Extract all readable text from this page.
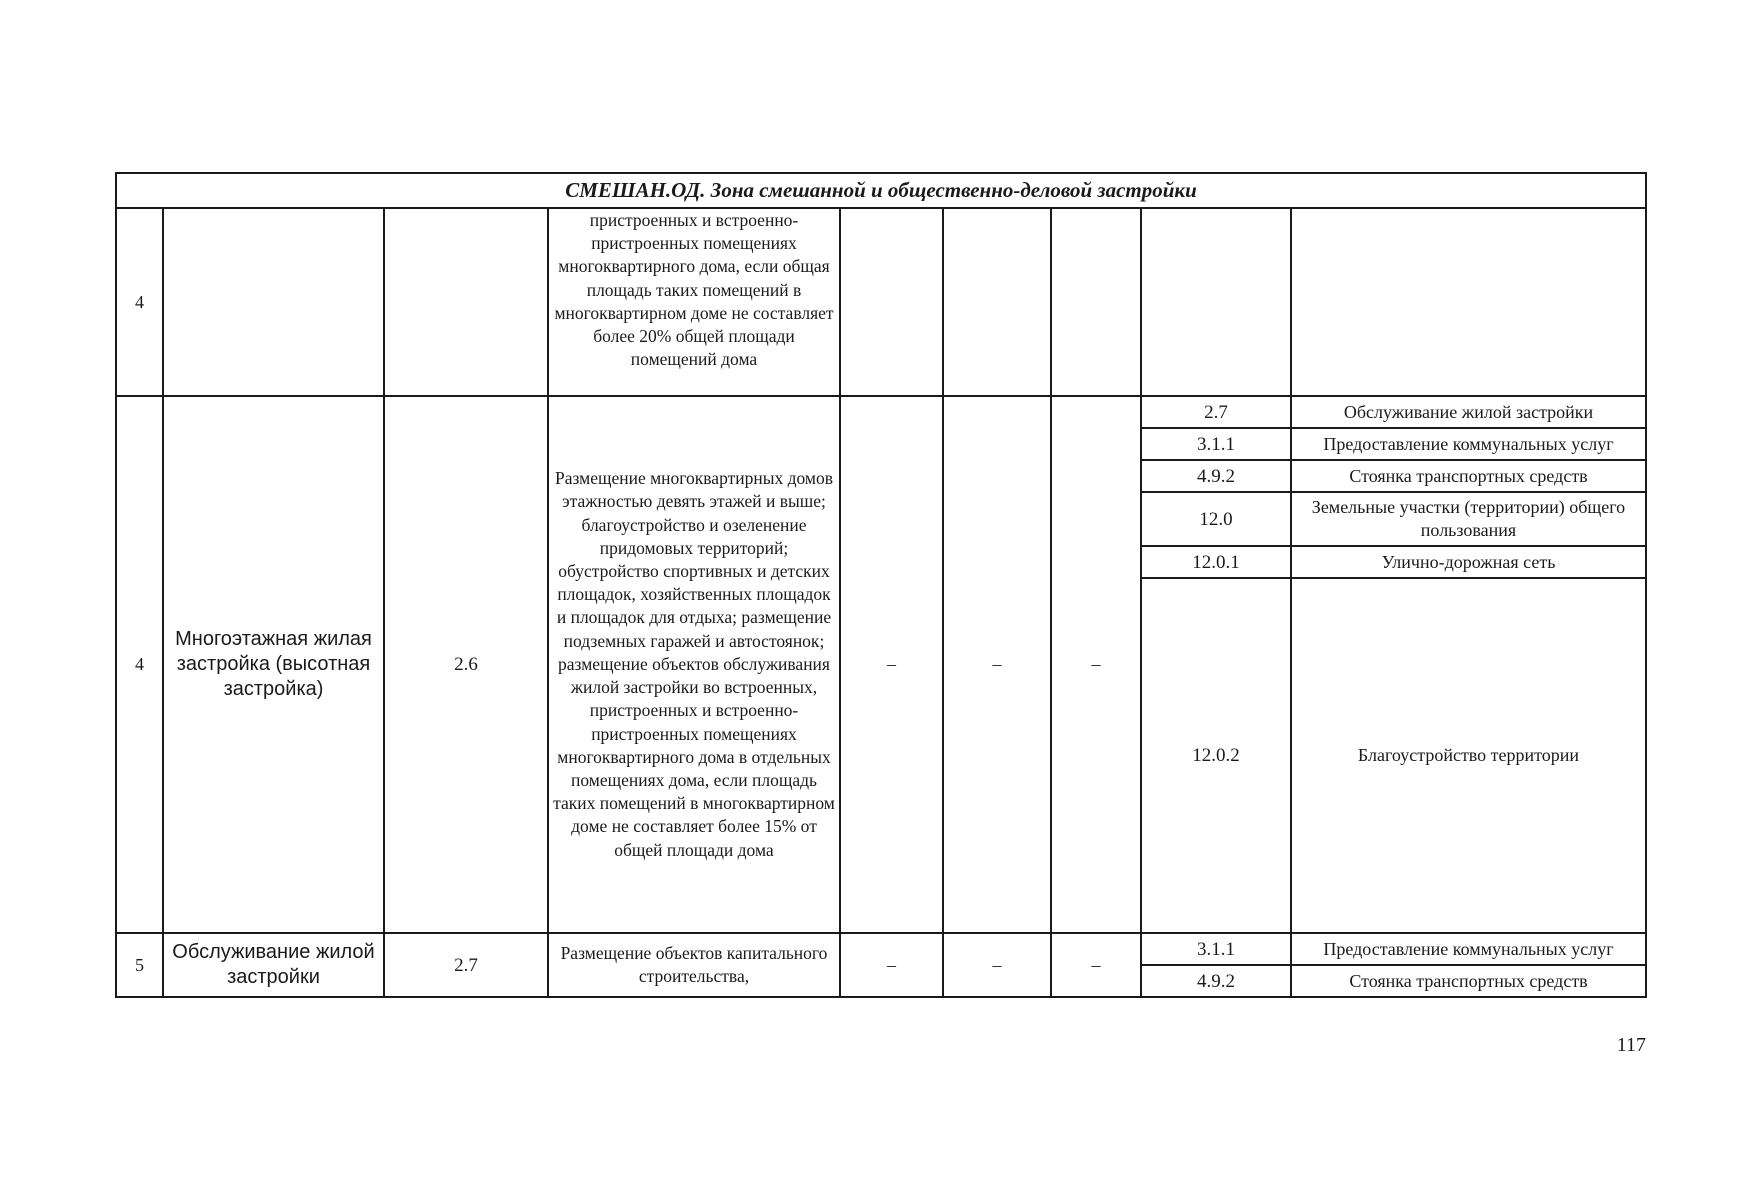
СМЕШАН.ОД. Зона смешанной и общественно-деловой застройки								
4			пристроенных и встроенно-пристроенных помещениях многоквартирного дома, если общая площадь таких помещений в многоквартирном доме не составляет более 20% общей площади помещений дома					
4	Многоэтажная жилая застройка (высотная застройка)	2.6	Размещение многоквартирных домов этажностью девять этажей и выше; благоустройство и озеленение придомовых территорий; обустройство спортивных и детских площадок, хозяйственных площадок и площадок для отдыха; размещение подземных гаражей и автостоянок; размещение объектов обслуживания жилой застройки во встроенных, пристроенных и встроенно-пристроенных помещениях многоквартирного дома в отдельных помещениях дома, если площадь таких помещений в многоквартирном доме не составляет более 15% от общей площади дома	–	–	–	2.7	Обслуживание жилой застройки
							3.1.1	Предоставление коммунальных услуг
							4.9.2	Стоянка транспортных средств
							12.0	Земельные участки (территории) общего пользования
							12.0.1	Улично-дорожная сеть
							12.0.2	Благоустройство территории
5	Обслуживание жилой застройки	2.7	Размещение объектов капитального строительства,	–	–	–	3.1.1	Предоставление коммунальных услуг
							4.9.2	Стоянка транспортных средств
117
